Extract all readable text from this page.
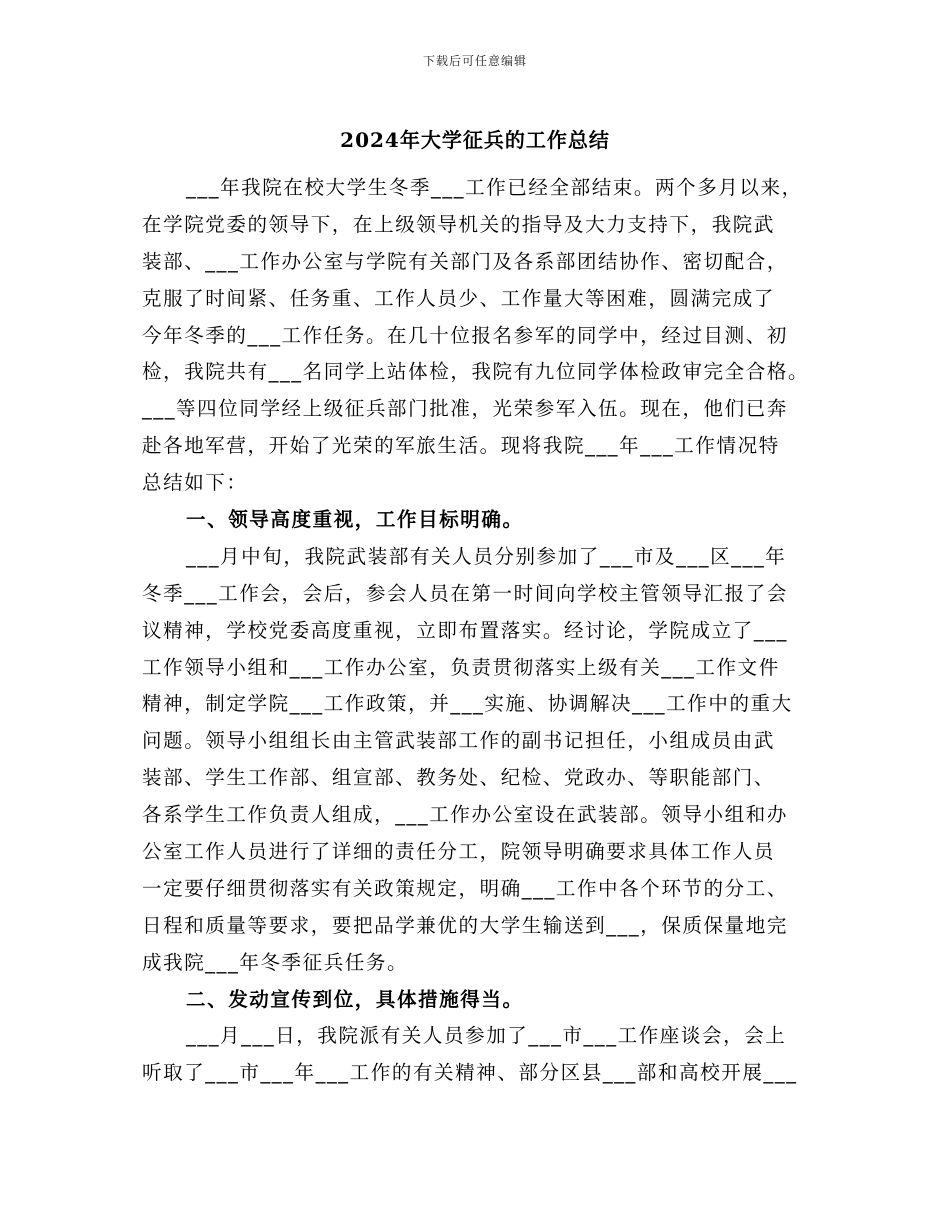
下载后可任意编辑
2024年大学征兵的工作总结
___年我院在校大学生冬季___工作已经全部结束。两个多月以来，
在学院党委的领导下，在上级领导机关的指导及大力支持下，我院武
装部、___工作办公室与学院有关部门及各系部团结协作、密切配合，
克服了时间紧、任务重、工作人员少、工作量大等困难，圆满完成了
今年冬季的___工作任务。在几十位报名参军的同学中，经过目测、初
检，我院共有___名同学上站体检，我院有九位同学体检政审完全合格。
___等四位同学经上级征兵部门批准，光荣参军入伍。现在，他们已奔
赴各地军营，开始了光荣的军旅生活。现将我院___年___工作情况特
总结如下：
一、领导高度重视，工作目标明确。
___月中旬，我院武装部有关人员分别参加了___市及___区___年
冬季___工作会，会后，参会人员在第一时间向学校主管领导汇报了会
议精神，学校党委高度重视，立即布置落实。经讨论，学院成立了___
工作领导小组和___工作办公室，负责贯彻落实上级有关___工作文件
精神，制定学院___工作政策，并___实施、协调解决___工作中的重大
问题。领导小组组长由主管武装部工作的副书记担任，小组成员由武
装部、学生工作部、组宣部、教务处、纪检、党政办、等职能部门、
各系学生工作负责人组成，___工作办公室设在武装部。领导小组和办
公室工作人员进行了详细的责任分工，院领导明确要求具体工作人员
一定要仔细贯彻落实有关政策规定，明确___工作中各个环节的分工、
日程和质量等要求，要把品学兼优的大学生输送到___，保质保量地完
成我院___年冬季征兵任务。
二、发动宣传到位，具体措施得当。
___月___日，我院派有关人员参加了___市___工作座谈会，会上
听取了___市___年___工作的有关精神、部分区县___部和高校开展___
